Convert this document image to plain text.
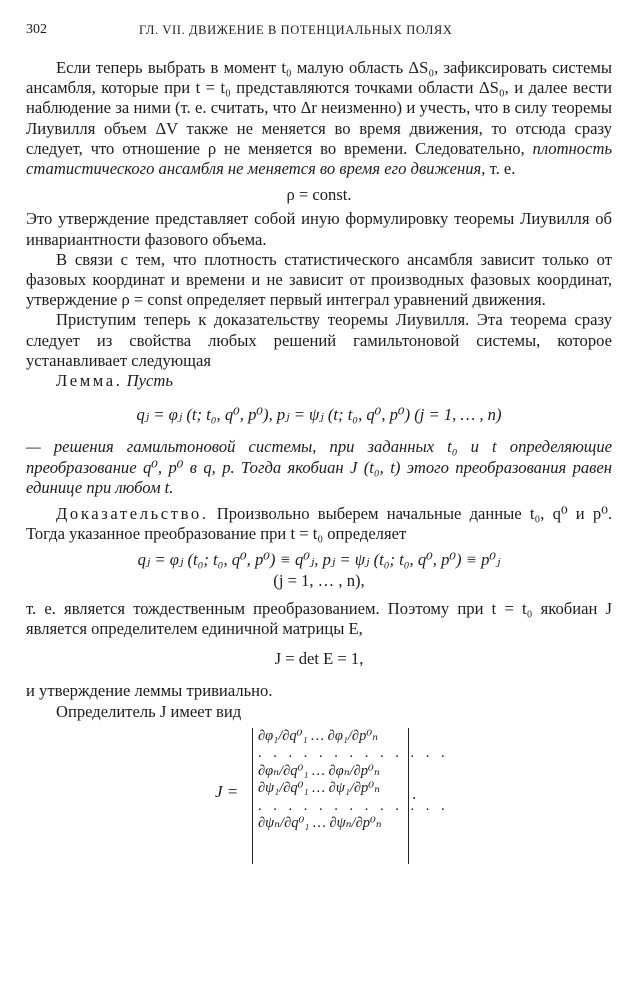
302	ГЛ. VII. ДВИЖЕНИЕ В ПОТЕНЦИАЛЬНЫХ ПОЛЯХ

Если теперь выбрать в момент t₀ малую область ΔS₀, зафиксировать системы ансамбля, которые при t = t₀ представляются точками области ΔS₀, и далее вести наблюдение за ними (т. е. считать, что Δr неизменно) и учесть, что в силу теоремы Лиувилля объем ΔV также не меняется во время движения, то отсюда сразу следует, что отношение ρ не меняется во времени. Следовательно, плотность статистического ансамбля не меняется во время его движения, т. е.

ρ = const.

Это утверждение представляет собой иную формулировку теоремы Лиувилля об инвариантности фазового объема.

В связи с тем, что плотность статистического ансамбля зависит только от фазовых координат и времени и не зависит от производных фазовых координат, утверждение ρ = const определяет первый интеграл уравнений движения.

Приступим теперь к доказательству теоремы Лиувилля. Эта теорема сразу следует из свойства любых решений гамильтоновой системы, которое устанавливает следующая

Лемма. Пусть

qⱼ = φⱼ (t; t₀, q⁰, p⁰), pⱼ = ψⱼ (t; t₀, q⁰, p⁰) (j = 1, … , n)

— решения гамильтоновой системы, при заданных t₀ и t определяющие преобразование q⁰, p⁰ в q, p. Тогда якобиан J (t₀, t) этого преобразования равен единице при любом t.

Доказательство. Произвольно выберем начальные данные t₀, q⁰ и p⁰. Тогда указанное преобразование при t = t₀ определяет

qⱼ = φⱼ (t₀; t₀, q⁰, p⁰) ≡ q⁰ⱼ, pⱼ = ψⱼ (t₀; t₀, q⁰, p⁰) ≡ p⁰ⱼ
(j = 1, … , n),

т. е. является тождественным преобразованием. Поэтому при t = t₀ якобиан J является определителем единичной матрицы E,

J = det E = 1,

и утверждение леммы тривиально.

Определитель J имеет вид

J =
∂φ₁/∂q⁰₁ … ∂φ₁/∂p⁰ₙ
. . . . . . . . . . . . .
∂φₙ/∂q⁰₁ … ∂φₙ/∂p⁰ₙ
∂ψ₁/∂q⁰₁ … ∂ψ₁/∂p⁰ₙ
. . . . . . . . . . . . .
∂ψₙ/∂q⁰₁ … ∂ψₙ/∂p⁰ₙ
.
